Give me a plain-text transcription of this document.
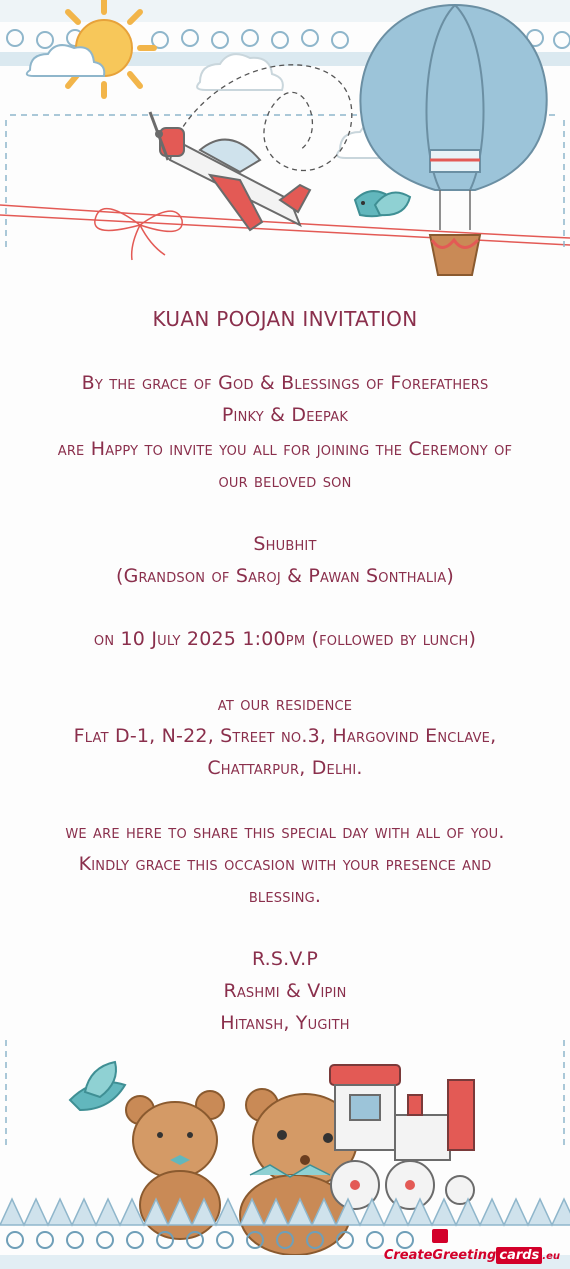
KUAN POOJAN INVITATION
By the grace of God & Blessings of Forefathers
Pinky & Deepak
are Happy to invite you all for joining the Ceremony of
our beloved son
Shubhit
(Grandson of Saroj & Pawan Sonthalia)
on 10 July 2025 1:00pm (followed by lunch)
at our residence
Flat D-1, N-22, Street no.3, Hargovind Enclave,
Chattarpur, Delhi.
we are here to share this special day with all of you.
Kindly grace this occasion with your presence and
blessing.
R.S.V.P
Rashmi & Vipin
Hitansh, Yugith
CreateGreeting cards .eu
